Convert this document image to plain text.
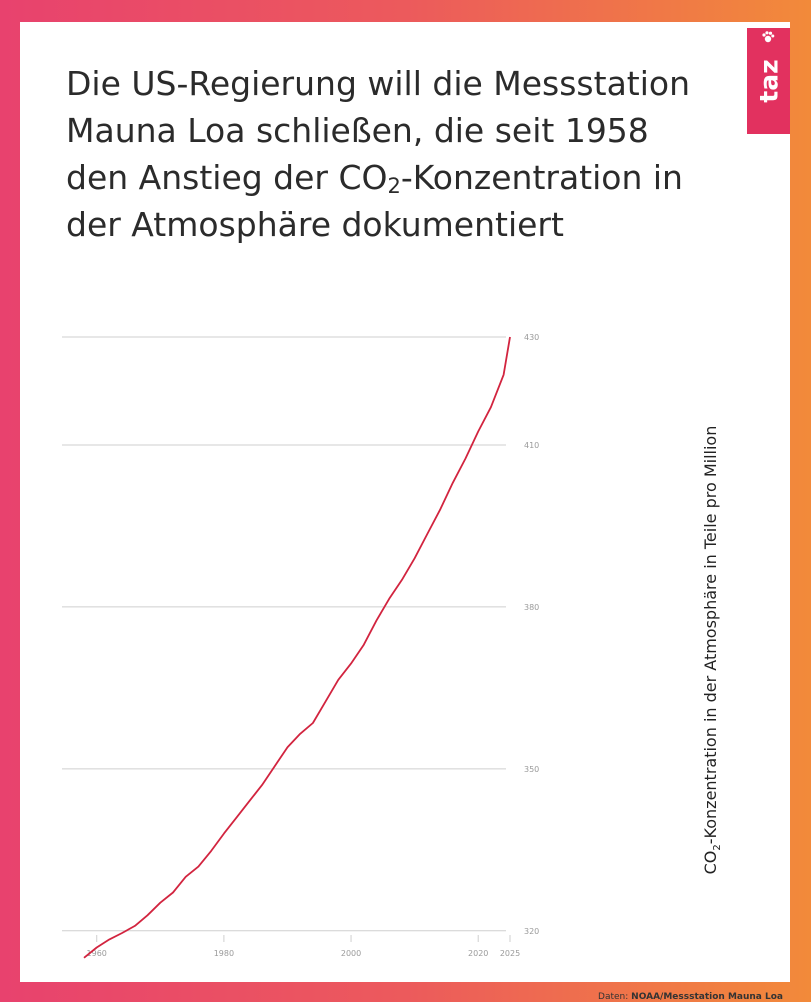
Die US-Regierung will die Messstation Mauna Loa schließen, die seit 1958 den Anstieg der $CO_2$-Konzentration in der Atmosphäre dokumentiert
taz
320
350
380
410
430
1960	1980	2000	2020 2025
$CO_2$-Konzentration in der Atmosphäre in Teile pro Million
Daten: NOAA/Messstation Mauna Loa
